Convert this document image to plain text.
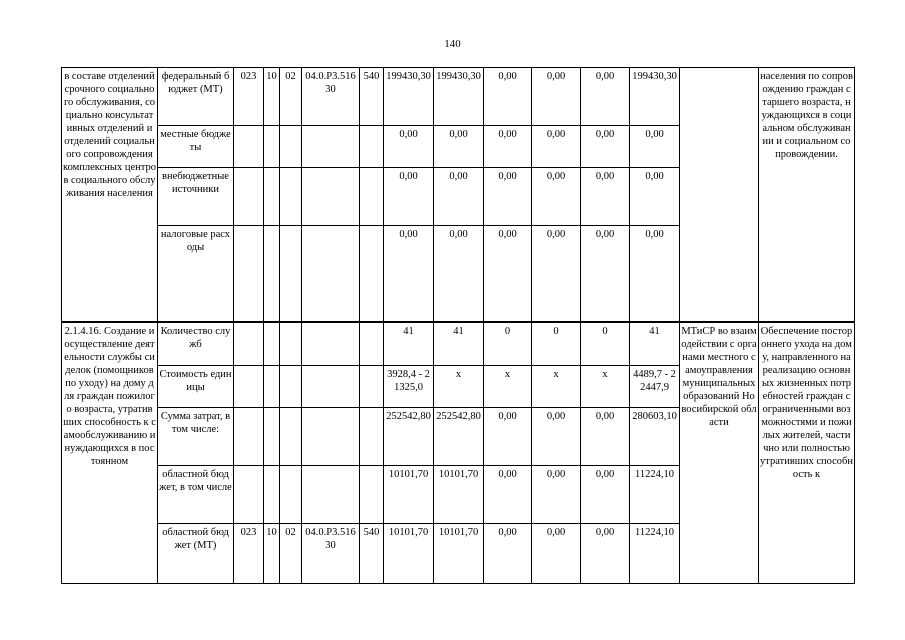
140
в составе отделений срочного социального обслуживания, социально консультативных отделений и отделений социального сопровождения комплексных центров социального обслуживания населения	федеральный бюджет (МТ)	023	10	02	04.0.Р3.51630	540	199430,30	199430,30	0,00	0,00	0,00	199430,30		населения по сопровождению граждан старшего возраста, нуждающихся в социальном обслуживании и социальном сопровождении.
	местные бюджеты						0,00	0,00	0,00	0,00	0,00	0,00		
	внебюджетные источники						0,00	0,00	0,00	0,00	0,00	0,00		
	налоговые расходы						0,00	0,00	0,00	0,00	0,00	0,00		
2.1.4.16. Создание и осуществление деятельности службы сиделок (помощников по уходу) на дому для граждан пожилого возраста, утративших способность к самообслуживанию и нуждающихся в постоянном	Количество служб						41	41	0	0	0	41	МТиСР во взаимодействии с органами местного самоуправления муниципальных образований Новосибирской области	Обеспечение постороннего ухода на дому, направленного на реализацию основных жизненных потребностей граждан с ограниченными возможностями и пожилых жителей, частично или полностью утративших способность к
	Стоимость единицы						3928,4 - 21325,0	х	х	х	х	4489,7 - 22447,9		
	Сумма затрат, в том числе:						252542,80	252542,80	0,00	0,00	0,00	280603,10		
	областной бюджет, в том числе						10101,70	10101,70	0,00	0,00	0,00	11224,10		
	областной бюджет (МТ)	023	10	02	04.0.Р3.51630	540	10101,70	10101,70	0,00	0,00	0,00	11224,10		
